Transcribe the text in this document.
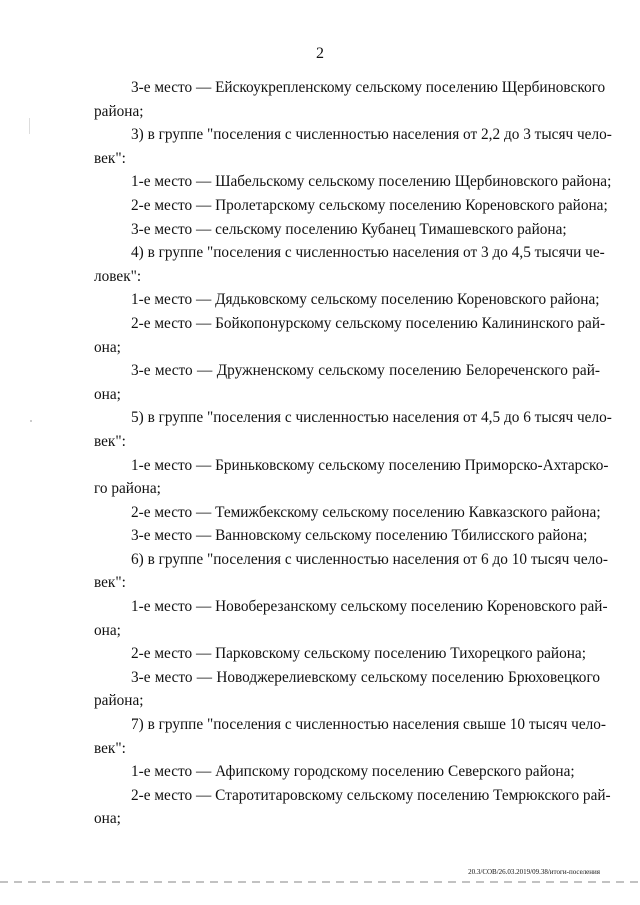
2
3-е место — Ейскоукрепленскому сельскому поселению Щербиновского
района;
3) в группе "поселения с численностью населения от 2,2 до 3 тысяч чело-
век":
1-е место — Шабельскому сельскому поселению Щербиновского района;
2-е место — Пролетарскому сельскому поселению Кореновского района;
3-е место — сельскому поселению Кубанец Тимашевского района;
4) в группе "поселения с численностью населения от 3 до 4,5 тысячи че-
ловек":
1-е место — Дядьковскому сельскому поселению Кореновского района;
2-е место — Бойкопонурскому сельскому поселению Калининского рай-
она;
3-е место — Дружненскому сельскому поселению Белореченского рай-
она;
5) в группе "поселения с численностью населения от 4,5 до 6 тысяч чело-
век":
1-е место — Бриньковскому сельскому поселению Приморско-Ахтарско-
го района;
2-е место — Темижбекскому сельскому поселению Кавказского района;
3-е место — Ванновскому сельскому поселению Тбилисского района;
6) в группе "поселения с численностью населения от 6 до 10 тысяч чело-
век":
1-е место — Новоберезанскому сельскому поселению Кореновского рай-
она;
2-е место — Парковскому сельскому поселению Тихорецкого района;
3-е место — Новоджерелиевскому сельскому поселению Брюховецкого
района;
7) в группе "поселения с численностью населения свыше 10 тысяч чело-
век":
1-е место — Афипскому городскому поселению Северского района;
2-е место — Старотитаровскому сельскому поселению Темрюкского рай-
она;
20.3/СОВ/26.03.2019/09.38/итоги-поселения
